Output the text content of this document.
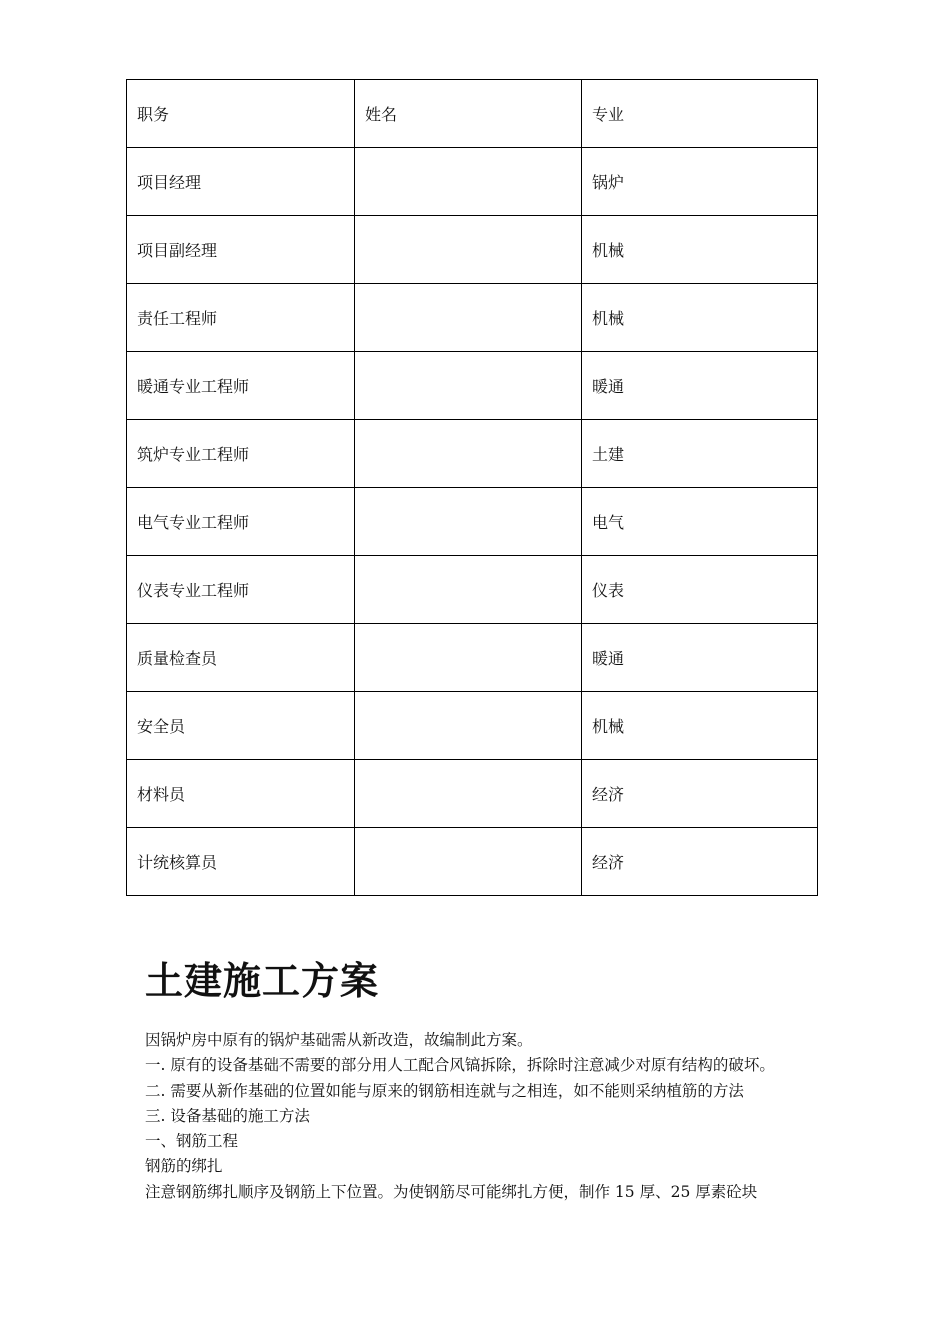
职务	姓名	专业
项目经理		锅炉
项目副经理		机械
责任工程师		机械
暖通专业工程师		暖通
筑炉专业工程师		土建
电气专业工程师		电气
仪表专业工程师		仪表
质量检查员		暖通
安全员		机械
材料员		经济
计统核算员		经济
土建施工方案
因锅炉房中原有的锅炉基础需从新改造，故编制此方案。
一. 原有的设备基础不需要的部分用人工配合风镐拆除，拆除时注意减少对原有结构的破坏。
二. 需要从新作基础的位置如能与原来的钢筋相连就与之相连，如不能则采纳植筋的方法
三. 设备基础的施工方法
一、钢筋工程
钢筋的绑扎
注意钢筋绑扎顺序及钢筋上下位置。为使钢筋尽可能绑扎方便，制作 15 厚、25 厚素砼块
